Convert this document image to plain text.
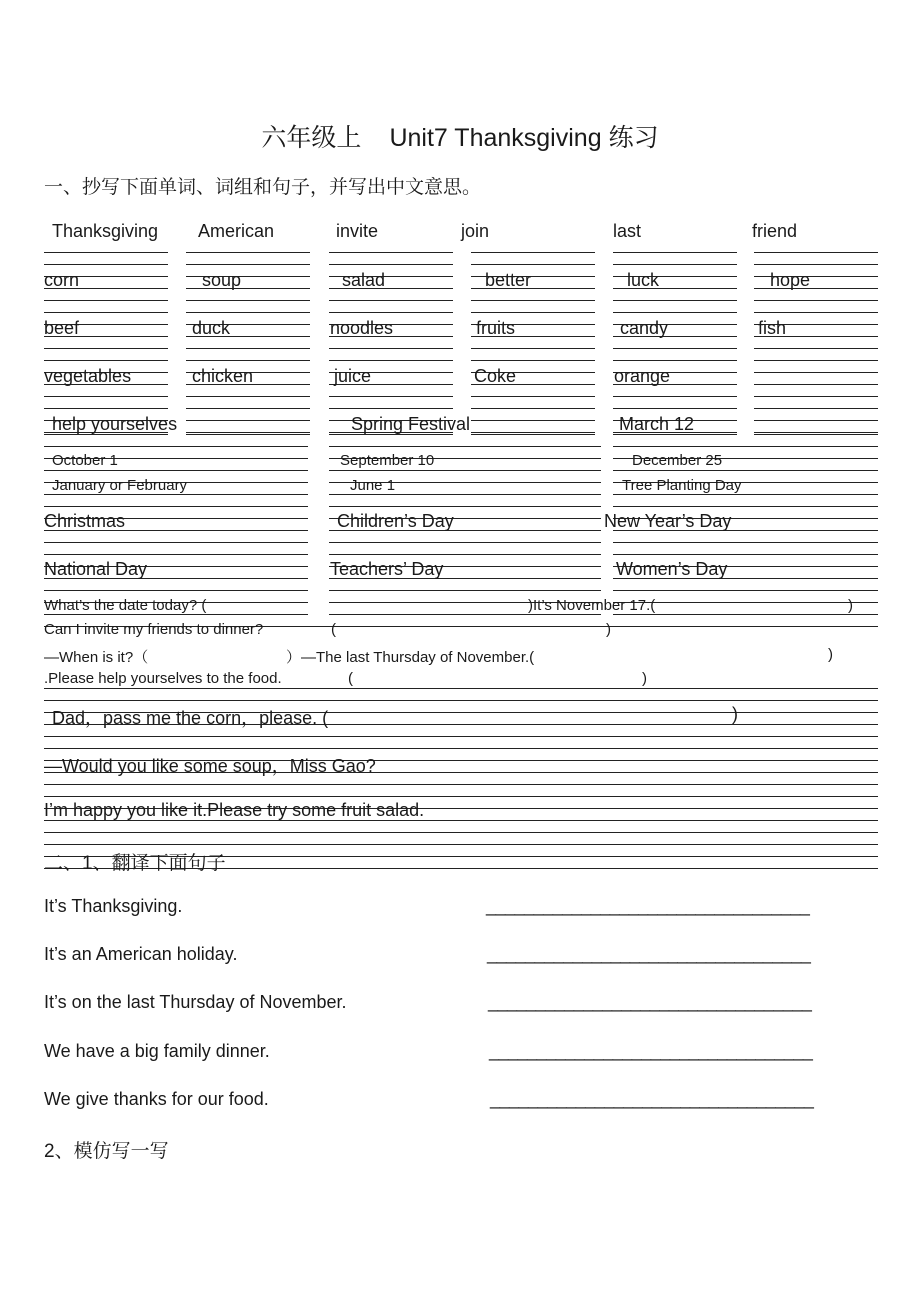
六年级上 Unit7 Thanksgiving 练习
一、抄写下面单词、词组和句子，并写出中文意思。
Thanksgiving American	invite	join	last	friend
corn	soup	salad	better	luck	hope
beef	duck	noodles	fruits	candy	fish
vegetables	chicken	juice	Coke	orange
help yourselves	Spring Festival	March 12
October 1	September 10	December 25
January or February	June 1	Tree Planting Day
Christmas	Children’s Day	New Year’s Day
National Day	Teachers’ Day	Women’s Day
What’s the date today? (	)It’s November 17.(	)
Can I invite my friends to dinner?	(	)
—When is it?（	）—The last Thursday of November.(	)
.Please help yourselves to the food.	(	)
Dad，pass me the corn，please. (	)
—Would you like some soup，Miss Gao?
I’m happy you like it.Please try some fruit salad.
二、1、翻译下面句子
It’s Thanksgiving.	__________________________________
It’s an American holiday.	__________________________________
It’s on the last Thursday of November.	__________________________________
We have a big family dinner.	__________________________________
We give thanks for our food.	__________________________________
2、模仿写一写
